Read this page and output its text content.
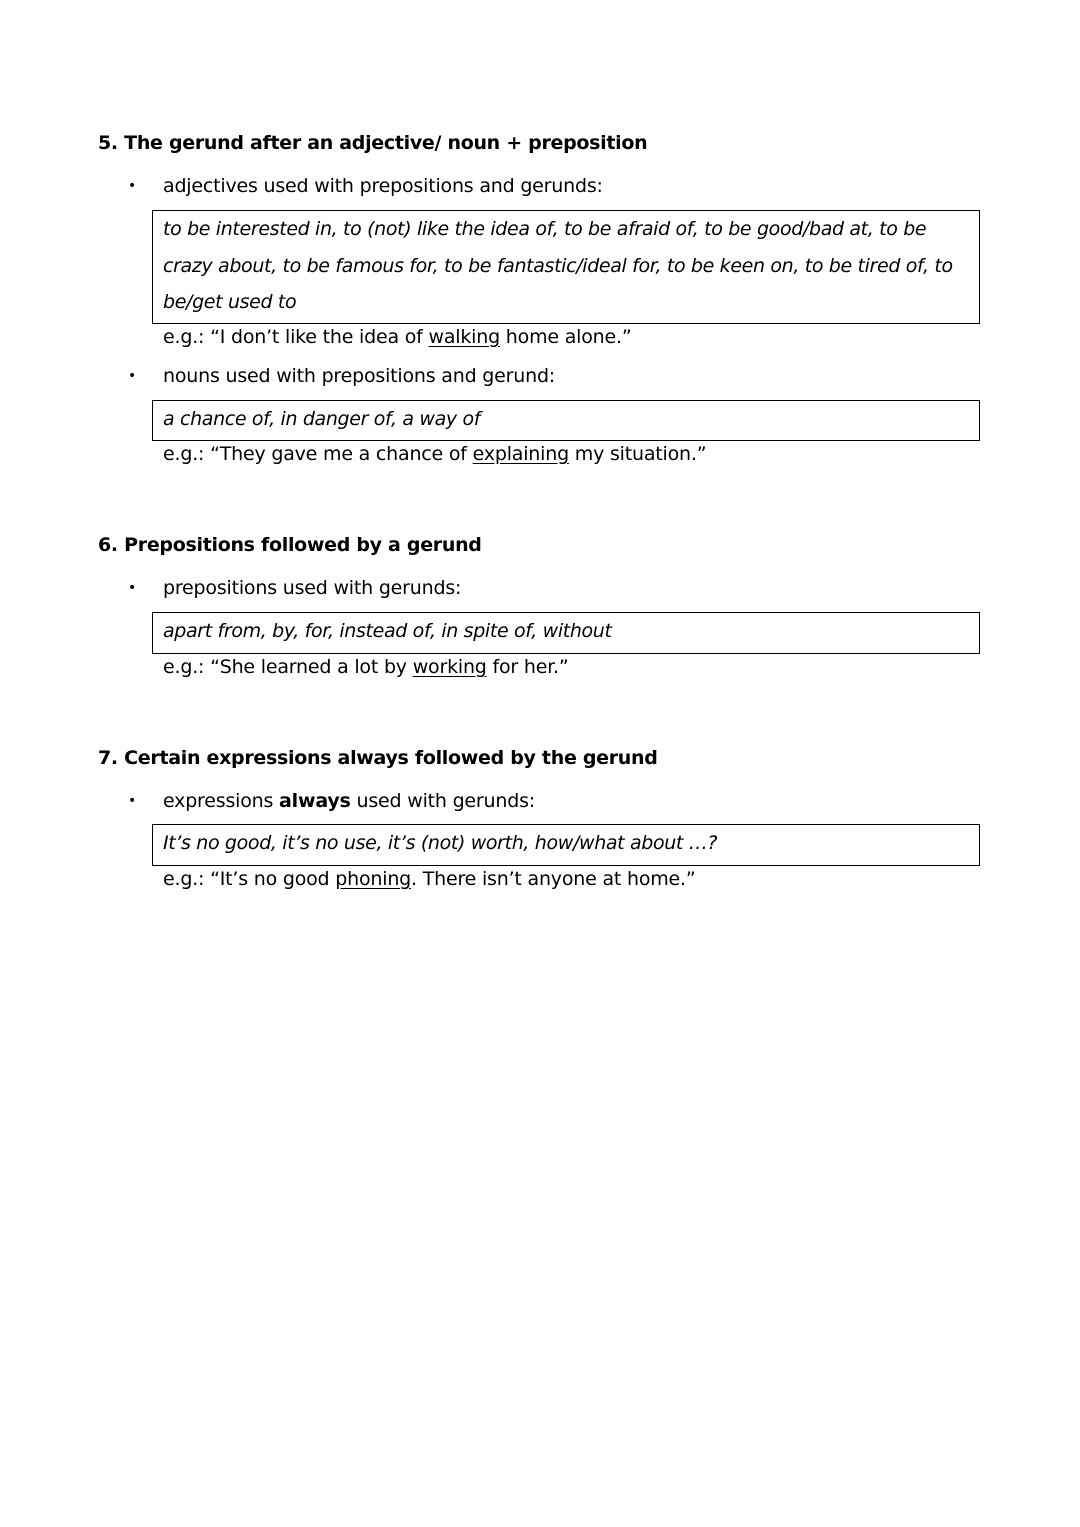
5. The gerund after an adjective/ noun + preposition
• adjectives used with prepositions and gerunds:
to be interested in, to (not) like the idea of, to be afraid of, to be good/bad at, to be crazy about, to be famous for, to be fantastic/ideal for, to be keen on, to be tired of, to be/get used to
e.g.: “I don’t like the idea of walking home alone.”
• nouns used with prepositions and gerund:
a chance of, in danger of, a way of
e.g.: “They gave me a chance of explaining my situation.”
6. Prepositions followed by a gerund
• prepositions used with gerunds:
apart from, by, for, instead of, in spite of, without
e.g.: “She learned a lot by working for her.”
7. Certain expressions always followed by the gerund
• expressions always used with gerunds:
It’s no good, it’s no use, it’s (not) worth, how/what about …?
e.g.: “It’s no good phoning. There isn’t anyone at home.”
